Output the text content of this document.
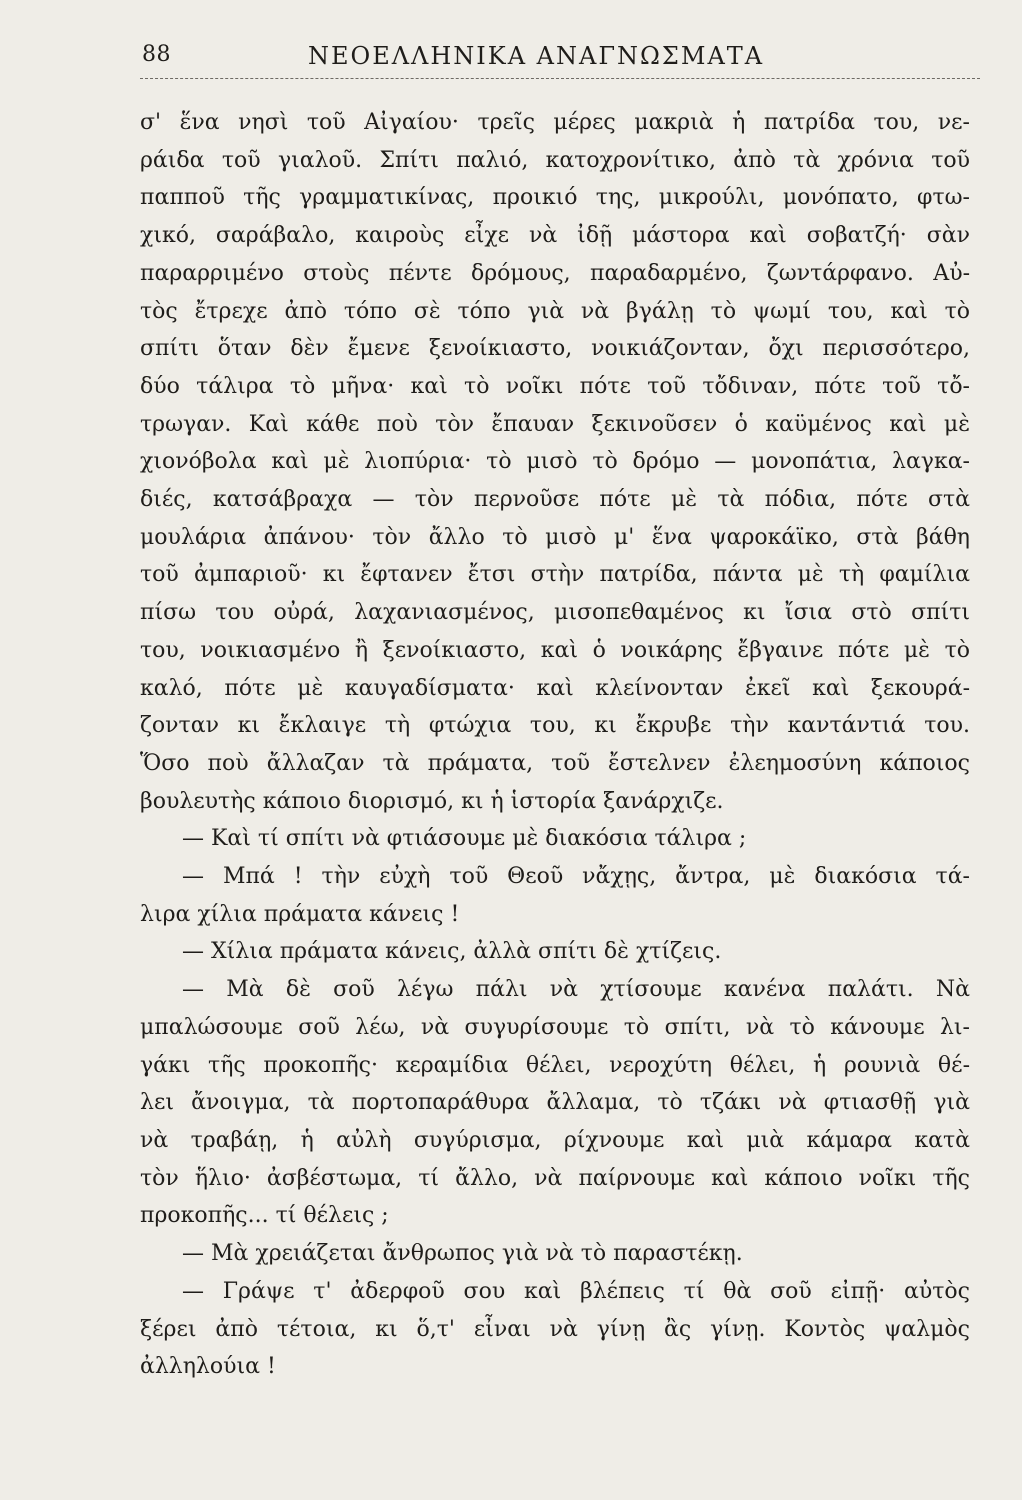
88	ΝΕΟΕΛΛΗΝΙΚΑ ΑΝΑΓΝΩΣΜΑΤΑ
σ' ἕνα νησὶ τοῦ Αἰγαίου· τρεῖς μέρες μακριὰ ἡ πατρίδα του, νε-
ράιδα τοῦ γιαλοῦ. Σπίτι παλιό, κατοχρονίτικο, ἀπὸ τὰ χρόνια τοῦ
παπποῦ τῆς γραμματικίνας, προικιό της, μικρούλι, μονόπατο, φτω-
χικό, σαράβαλο, καιροὺς εἶχε νὰ ἰδῇ μάστορα καὶ σοβατζή· σὰν
παραρριμένο στοὺς πέντε δρόμους, παραδαρμένο, ζωντάρφανο. Αὐ-
τὸς ἔτρεχε ἀπὸ τόπο σὲ τόπο γιὰ νὰ βγάλῃ τὸ ψωμί του, καὶ τὸ
σπίτι ὅταν δὲν ἔμενε ξενοίκιαστο, νοικιάζονταν, ὄχι περισσότερο,
δύο τάλιρα τὸ μῆνα· καὶ τὸ νοῖκι πότε τοῦ τὄδιναν, πότε τοῦ τὄ-
τρωγαν. Καὶ κάθε ποὺ τὸν ἔπαυαν ξεκινοῦσεν ὁ καϋμένος καὶ μὲ
χιονόβολα καὶ μὲ λιοπύρια· τὸ μισὸ τὸ δρόμο — μονοπάτια, λαγκα-
διές, κατσάβραχα — τὸν περνοῦσε πότε μὲ τὰ πόδια, πότε στὰ
μουλάρια ἀπάνου· τὸν ἄλλο τὸ μισὸ μ' ἕνα ψαροκάϊκο, στὰ βάθη
τοῦ ἀμπαριοῦ· κι ἔφτανεν ἔτσι στὴν πατρίδα, πάντα μὲ τὴ φαμίλια
πίσω του οὐρά, λαχανιασμένος, μισοπεθαμένος κι ἴσια στὸ σπίτι
του, νοικιασμένο ἢ ξενοίκιαστο, καὶ ὁ νοικάρης ἔβγαινε πότε μὲ τὸ
καλό, πότε μὲ καυγαδίσματα· καὶ κλείνονταν ἐκεῖ καὶ ξεκουρά-
ζονταν κι ἔκλαιγε τὴ φτώχια του, κι ἔκρυβε τὴν καντάντιά του.
Ὅσο ποὺ ἄλλαζαν τὰ πράματα, τοῦ ἔστελνεν ἐλεημοσύνη κάποιος
βουλευτὴς κάποιο διορισμό, κι ἡ ἱστορία ξανάρχιζε.
— Καὶ τί σπίτι νὰ φτιάσουμε μὲ διακόσια τάλιρα ;
— Μπά ! τὴν εὐχὴ τοῦ Θεοῦ νἄχῃς, ἄντρα, μὲ διακόσια τά-
λιρα χίλια πράματα κάνεις !
— Χίλια πράματα κάνεις, ἀλλὰ σπίτι δὲ χτίζεις.
— Μὰ δὲ σοῦ λέγω πάλι νὰ χτίσουμε κανένα παλάτι. Νὰ
μπαλώσουμε σοῦ λέω, νὰ συγυρίσουμε τὸ σπίτι, νὰ τὸ κάνουμε λι-
γάκι τῆς προκοπῆς· κεραμίδια θέλει, νεροχύτη θέλει, ἡ ρουνιὰ θέ-
λει ἄνοιγμα, τὰ πορτοπαράθυρα ἄλλαμα, τὸ τζάκι νὰ φτιασθῇ γιὰ
νὰ τραβάῃ, ἡ αὐλὴ συγύρισμα, ρίχνουμε καὶ μιὰ κάμαρα κατὰ
τὸν ἥλιο· ἀσβέστωμα, τί ἄλλο, νὰ παίρνουμε καὶ κάποιο νοῖκι τῆς
προκοπῆς... τί θέλεις ;
— Μὰ χρειάζεται ἄνθρωπος γιὰ νὰ τὸ παραστέκῃ.
— Γράψε τ' ἀδερφοῦ σου καὶ βλέπεις τί θὰ σοῦ εἰπῇ· αὐτὸς
ξέρει ἀπὸ τέτοια, κι ὅ,τ' εἶναι νὰ γίνῃ ἂς γίνῃ. Κοντὸς ψαλμὸς
ἀλληλούια !
